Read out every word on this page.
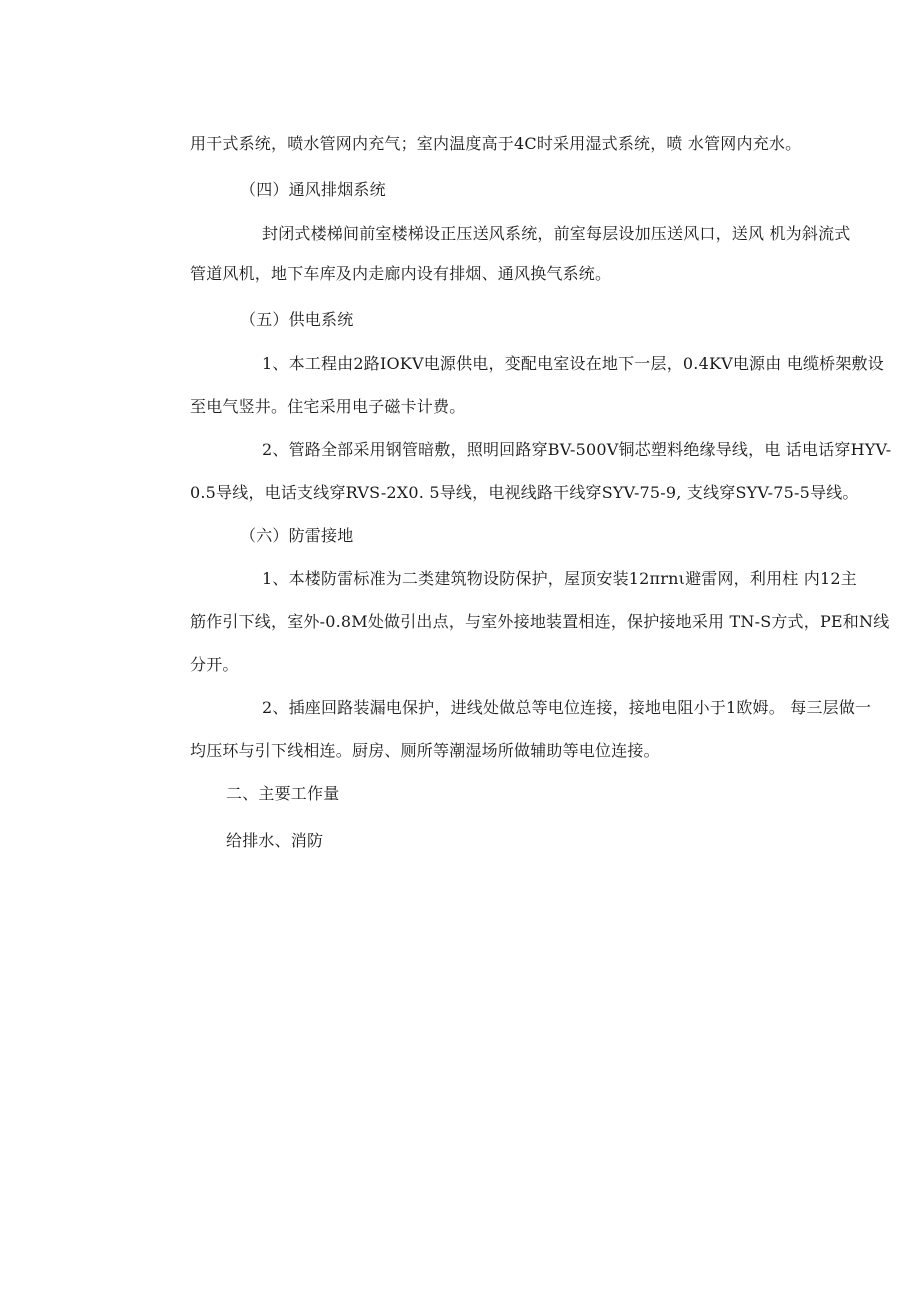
用干式系统，喷水管网内充气；室内温度高于4C时采用湿式系统，喷 水管网内充水。
（四）通风排烟系统
封闭式楼梯间前室楼梯设正压送风系统，前室每层设加压送风口，送风 机为斜流式
管道风机，地下车库及内走廊内设有排烟、通风换气系统。
（五）供电系统
1、本工程由2路IOKV电源供电，变配电室设在地下一层，0.4KV电源由 电缆桥架敷设
至电气竖井。住宅采用电子磁卡计费。
2、管路全部采用钢管暗敷，照明回路穿BV-500V铜芯塑料绝缘导线，电 话电话穿HYV-
0.5导线，电话支线穿RVS-2X0. 5导线，电视线路干线穿SYV-75-9, 支线穿SYV-75-5导线。
（六）防雷接地
1、本楼防雷标准为二类建筑物设防保护，屋顶安装12πrnι避雷网，利用柱 内12主
筋作引下线，室外-0.8M处做引出点，与室外接地装置相连，保护接地采用 TN-S方式，PE和N线
分开。
2、插座回路装漏电保护，进线处做总等电位连接，接地电阻小于1欧姆。 每三层做一
均压环与引下线相连。厨房、厕所等潮湿场所做辅助等电位连接。
二、主要工作量
给排水、消防
